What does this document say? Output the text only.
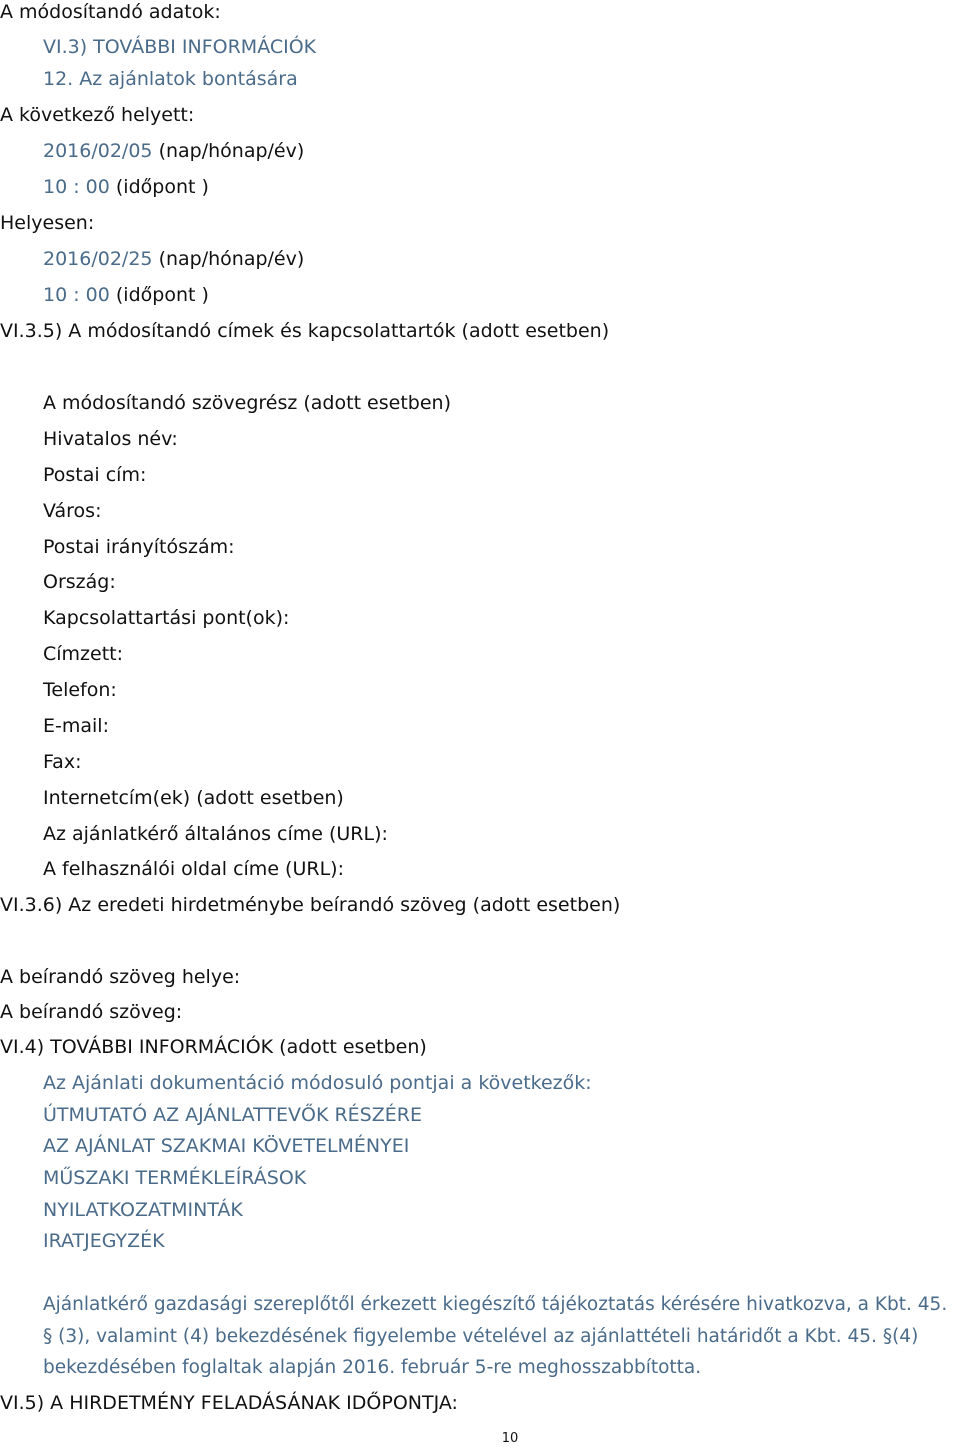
A módosítandó adatok:
VI.3) TOVÁBBI INFORMÁCIÓK
12. Az ajánlatok bontására
A következő helyett:
2016/02/05 (nap/hónap/év)
10 : 00 (időpont )
Helyesen:
2016/02/25 (nap/hónap/év)
10 : 00 (időpont )
VI.3.5) A módosítandó címek és kapcsolattartók (adott esetben)
A módosítandó szövegrész (adott esetben)
Hivatalos név:
Postai cím:
Város:
Postai irányítószám:
Ország:
Kapcsolattartási pont(ok):
Címzett:
Telefon:
E-mail:
Fax:
Internetcím(ek) (adott esetben)
Az ajánlatkérő általános címe (URL):
A felhasználói oldal címe (URL):
VI.3.6) Az eredeti hirdetménybe beírandó szöveg (adott esetben)
A beírandó szöveg helye:
A beírandó szöveg:
VI.4) TOVÁBBI INFORMÁCIÓK (adott esetben)
Az Ajánlati dokumentáció módosuló pontjai a következők:
ÚTMUTATÓ AZ AJÁNLATTEVŐK RÉSZÉRE
AZ AJÁNLAT SZAKMAI KÖVETELMÉNYEI
MŰSZAKI TERMÉKLEÍRÁSOK
NYILATKOZATMINTÁK
IRATJEGYZÉK
Ajánlatkérő gazdasági szereplőtől érkezett kiegészítő tájékoztatás kérésére hivatkozva, a Kbt. 45. § (3), valamint (4) bekezdésének figyelembe vételével az ajánlattételi határidőt a Kbt. 45. §(4) bekezdésében foglaltak alapján 2016. február 5-re meghosszabbította.
VI.5) A HIRDETMÉNY FELADÁSÁNAK IDŐPONTJA:
10
